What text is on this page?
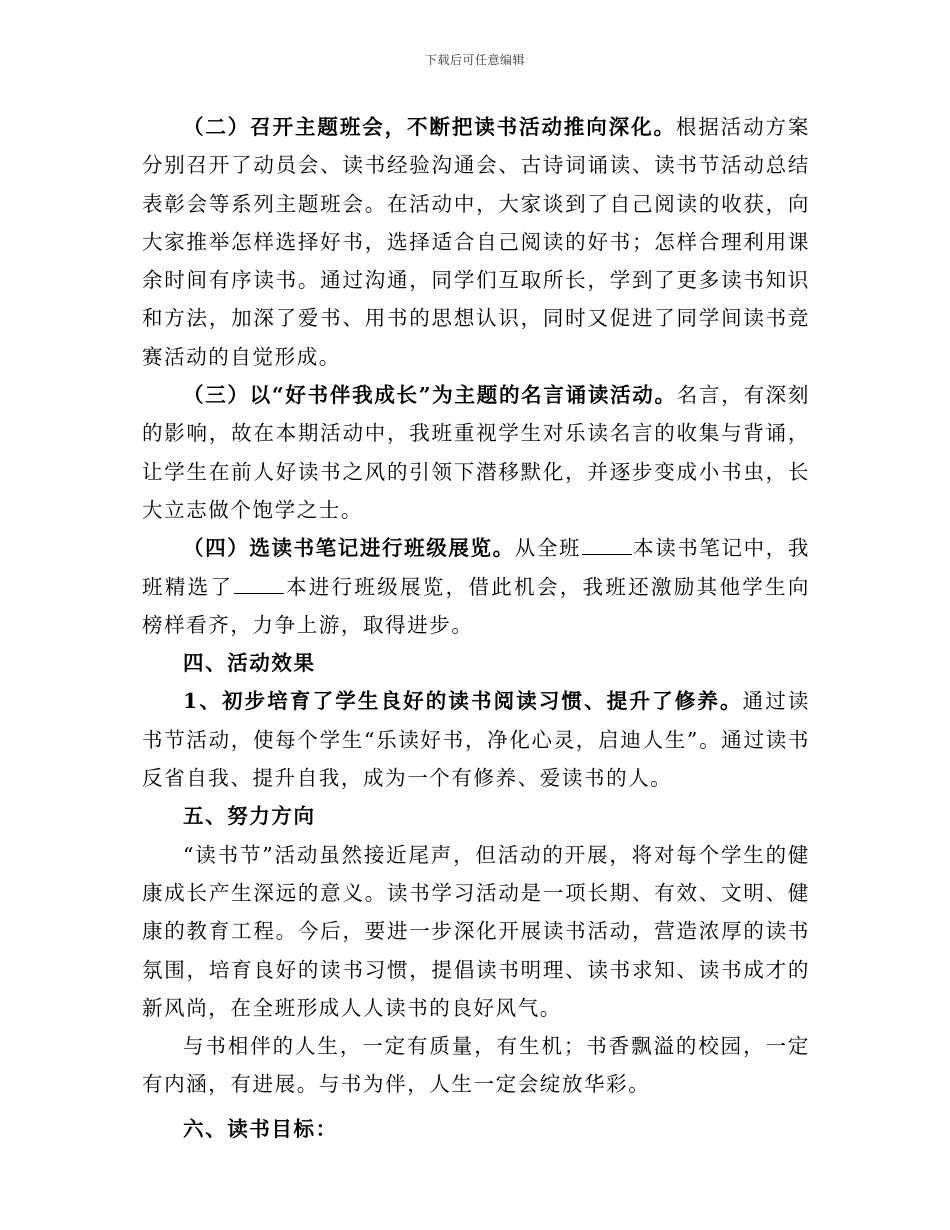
下载后可任意编辑

（二）召开主题班会，不断把读书活动推向深化。根据活动方案分别召开了动员会、读书经验沟通会、古诗词诵读、读书节活动总结表彰会等系列主题班会。在活动中，大家谈到了自己阅读的收获，向大家推举怎样选择好书，选择适合自己阅读的好书；怎样合理利用课余时间有序读书。通过沟通，同学们互取所长，学到了更多读书知识和方法，加深了爱书、用书的思想认识，同时又促进了同学间读书竞赛活动的自觉形成。

（三）以“好书伴我成长”为主题的名言诵读活动。名言，有深刻的影响，故在本期活动中，我班重视学生对乐读名言的收集与背诵，让学生在前人好读书之风的引领下潜移默化，并逐步变成小书虫，长大立志做个饱学之士。

（四）选读书笔记进行班级展览。从全班	本读书笔记中，我班精选了	本进行班级展览，借此机会，我班还激励其他学生向榜样看齐，力争上游，取得进步。

四、活动效果

1、初步培育了学生良好的读书阅读习惯、提升了修养。通过读书节活动，使每个学生“乐读好书，净化心灵，启迪人生”。通过读书反省自我、提升自我，成为一个有修养、爱读书的人。

五、努力方向

“读书节”活动虽然接近尾声，但活动的开展，将对每个学生的健康成长产生深远的意义。读书学习活动是一项长期、有效、文明、健康的教育工程。今后，要进一步深化开展读书活动，营造浓厚的读书氛围，培育良好的读书习惯，提倡读书明理、读书求知、读书成才的新风尚，在全班形成人人读书的良好风气。

与书相伴的人生，一定有质量，有生机；书香飘溢的校园，一定有内涵，有进展。与书为伴，人生一定会绽放华彩。

六、读书目标：
